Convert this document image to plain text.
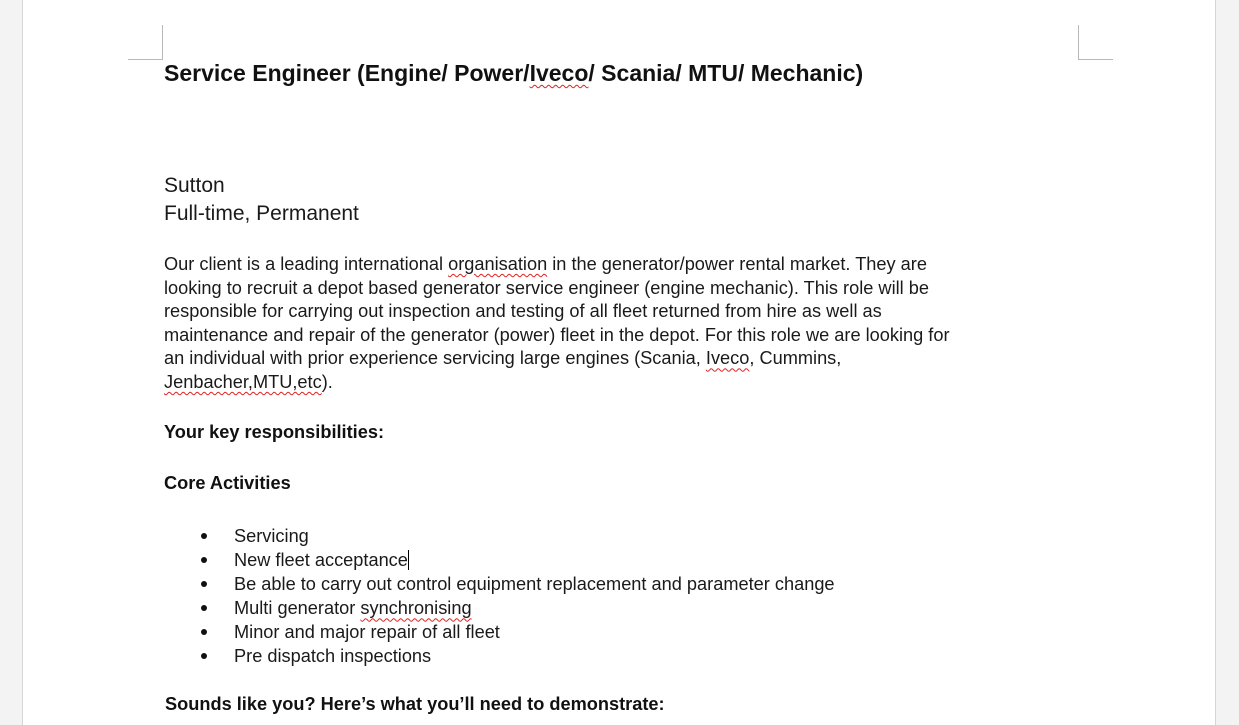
Service Engineer (Engine/ Power/Iveco/ Scania/ MTU/ Mechanic)
Sutton
Full-time, Permanent
Our client is a leading international organisation in the generator/power rental market. They are
looking to recruit a depot based generator service engineer (engine mechanic). This role will be
responsible for carrying out inspection and testing of all fleet returned from hire as well as
maintenance and repair of the generator (power) fleet in the depot. For this role we are looking for
an individual with prior experience servicing large engines (Scania, Iveco, Cummins,
Jenbacher,MTU,etc).
Your key responsibilities:
Core Activities
Servicing
New fleet acceptance
Be able to carry out control equipment replacement and parameter change
Multi generator synchronising
Minor and major repair of all fleet
Pre dispatch inspections
Sounds like you? Here’s what you’ll need to demonstrate:
